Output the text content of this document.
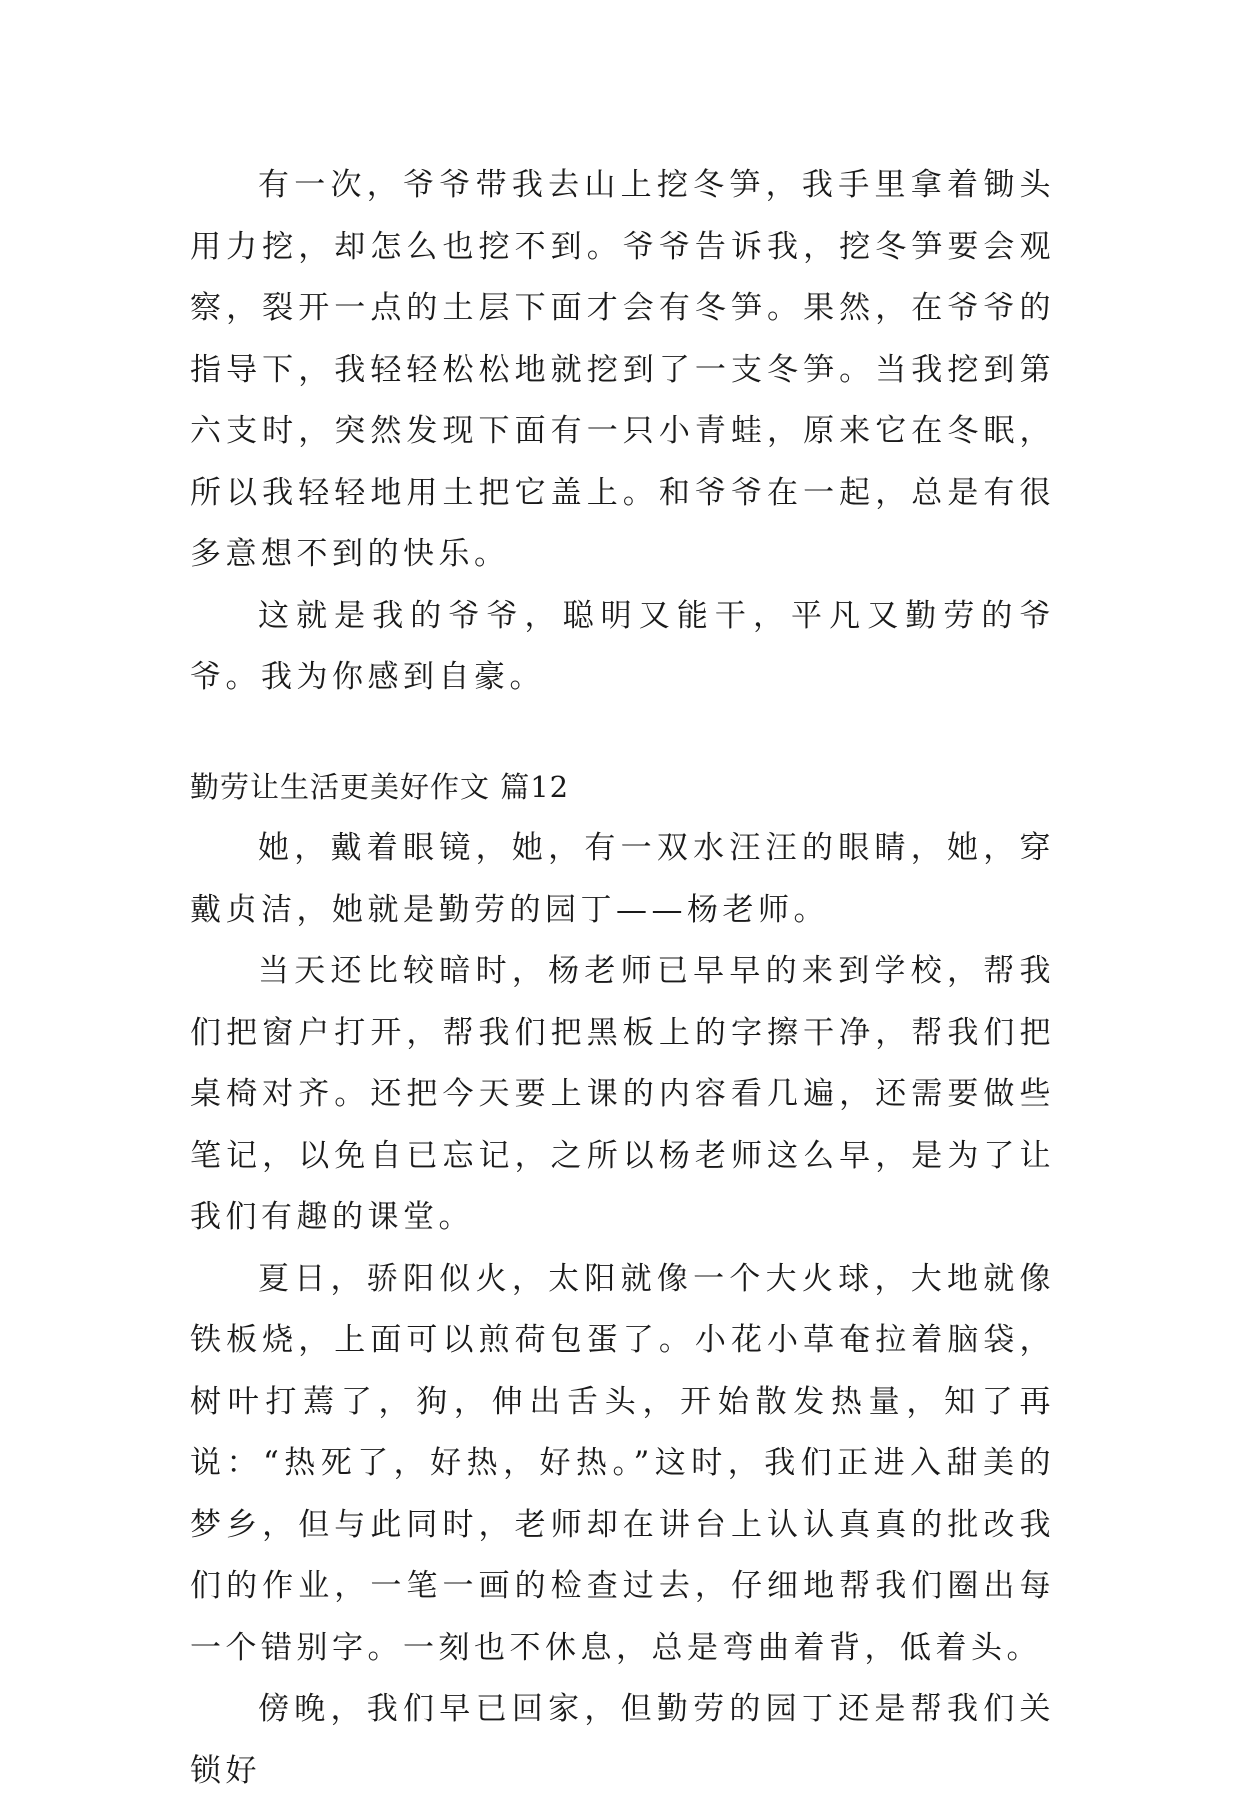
有一次，爷爷带我去山上挖冬笋，我手里拿着锄头用力挖，却怎么也挖不到。爷爷告诉我，挖冬笋要会观察，裂开一点的土层下面才会有冬笋。果然，在爷爷的指导下，我轻轻松松地就挖到了一支冬笋。当我挖到第六支时，突然发现下面有一只小青蛙，原来它在冬眠，所以我轻轻地用土把它盖上。和爷爷在一起，总是有很多意想不到的快乐。

这就是我的爷爷，聪明又能干，平凡又勤劳的爷爷。我为你感到自豪。

勤劳让生活更美好作文 篇12

她，戴着眼镜，她，有一双水汪汪的眼睛，她，穿戴贞洁，她就是勤劳的园丁——杨老师。

当天还比较暗时，杨老师已早早的来到学校，帮我们把窗户打开，帮我们把黑板上的字擦干净，帮我们把桌椅对齐。还把今天要上课的内容看几遍，还需要做些笔记，以免自已忘记，之所以杨老师这么早，是为了让我们有趣的课堂。

夏日，骄阳似火，太阳就像一个大火球，大地就像铁板烧，上面可以煎荷包蛋了。小花小草奄拉着脑袋，树叶打蔫了，狗，伸出舌头，开始散发热量，知了再说：“热死了，好热，好热。”这时，我们正进入甜美的梦乡，但与此同时，老师却在讲台上认认真真的批改我们的作业，一笔一画的检查过去，仔细地帮我们圈出每一个错别字。一刻也不休息，总是弯曲着背，低着头。

傍晚，我们早已回家，但勤劳的园丁还是帮我们关锁好
